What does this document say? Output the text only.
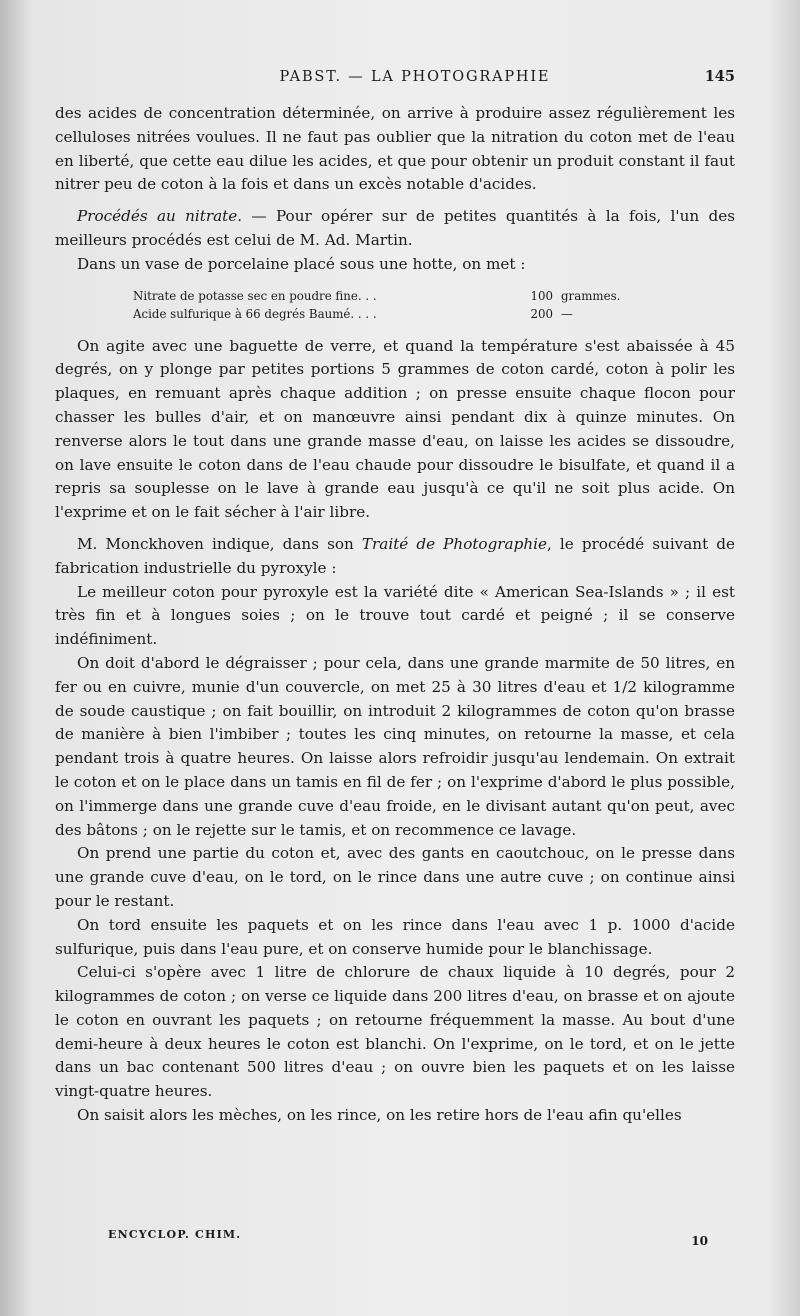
PABST. — LA PHOTOGRAPHIE	145

des acides de concentration déterminée, on arrive à produire assez régulièrement les celluloses nitrées voulues. Il ne faut pas oublier que la nitration du coton met de l'eau en liberté, que cette eau dilue les acides, et que pour obtenir un produit constant il faut nitrer peu de coton à la fois et dans un excès notable d'acides.

Procédés au nitrate. — Pour opérer sur de petites quantités à la fois, l'un des meilleurs procédés est celui de M. Ad. Martin.

Dans un vase de porcelaine placé sous une hotte, on met :

Nitrate de potasse sec en poudre fine. . .	100 grammes.
Acide sulfurique à 66 degrés Baumé. . . .	200 —

On agite avec une baguette de verre, et quand la température s'est abaissée à 45 degrés, on y plonge par petites portions 5 grammes de coton cardé, coton à polir les plaques, en remuant après chaque addition ; on presse ensuite chaque flocon pour chasser les bulles d'air, et on manœuvre ainsi pendant dix à quinze minutes. On renverse alors le tout dans une grande masse d'eau, on laisse les acides se dissoudre, on lave ensuite le coton dans de l'eau chaude pour dissoudre le bisulfate, et quand il a repris sa souplesse on le lave à grande eau jusqu'à ce qu'il ne soit plus acide. On l'exprime et on le fait sécher à l'air libre.

M. Monckhoven indique, dans son Traité de Photographie, le procédé suivant de fabrication industrielle du pyroxyle :

Le meilleur coton pour pyroxyle est la variété dite « American Sea-Islands » ; il est très fin et à longues soies ; on le trouve tout cardé et peigné ; il se conserve indéfiniment.

On doit d'abord le dégraisser ; pour cela, dans une grande marmite de 50 litres, en fer ou en cuivre, munie d'un couvercle, on met 25 à 30 litres d'eau et 1/2 kilogramme de soude caustique ; on fait bouillir, on introduit 2 kilogrammes de coton qu'on brasse de manière à bien l'imbiber ; toutes les cinq minutes, on retourne la masse, et cela pendant trois à quatre heures. On laisse alors refroidir jusqu'au lendemain. On extrait le coton et on le place dans un tamis en fil de fer ; on l'exprime d'abord le plus possible, on l'immerge dans une grande cuve d'eau froide, en le divisant autant qu'on peut, avec des bâtons ; on le rejette sur le tamis, et on recommence ce lavage.

On prend une partie du coton et, avec des gants en caoutchouc, on le presse dans une grande cuve d'eau, on le tord, on le rince dans une autre cuve ; on continue ainsi pour le restant.

On tord ensuite les paquets et on les rince dans l'eau avec 1 p. 1000 d'acide sulfurique, puis dans l'eau pure, et on conserve humide pour le blanchissage.

Celui-ci s'opère avec 1 litre de chlorure de chaux liquide à 10 degrés, pour 2 kilogrammes de coton ; on verse ce liquide dans 200 litres d'eau, on brasse et on ajoute le coton en ouvrant les paquets ; on retourne fréquemment la masse. Au bout d'une demi-heure à deux heures le coton est blanchi. On l'exprime, on le tord, et on le jette dans un bac contenant 500 litres d'eau ; on ouvre bien les paquets et on les laisse vingt-quatre heures.

On saisit alors les mèches, on les rince, on les retire hors de l'eau afin qu'elles

ENCYCLOP. CHIM.	10
